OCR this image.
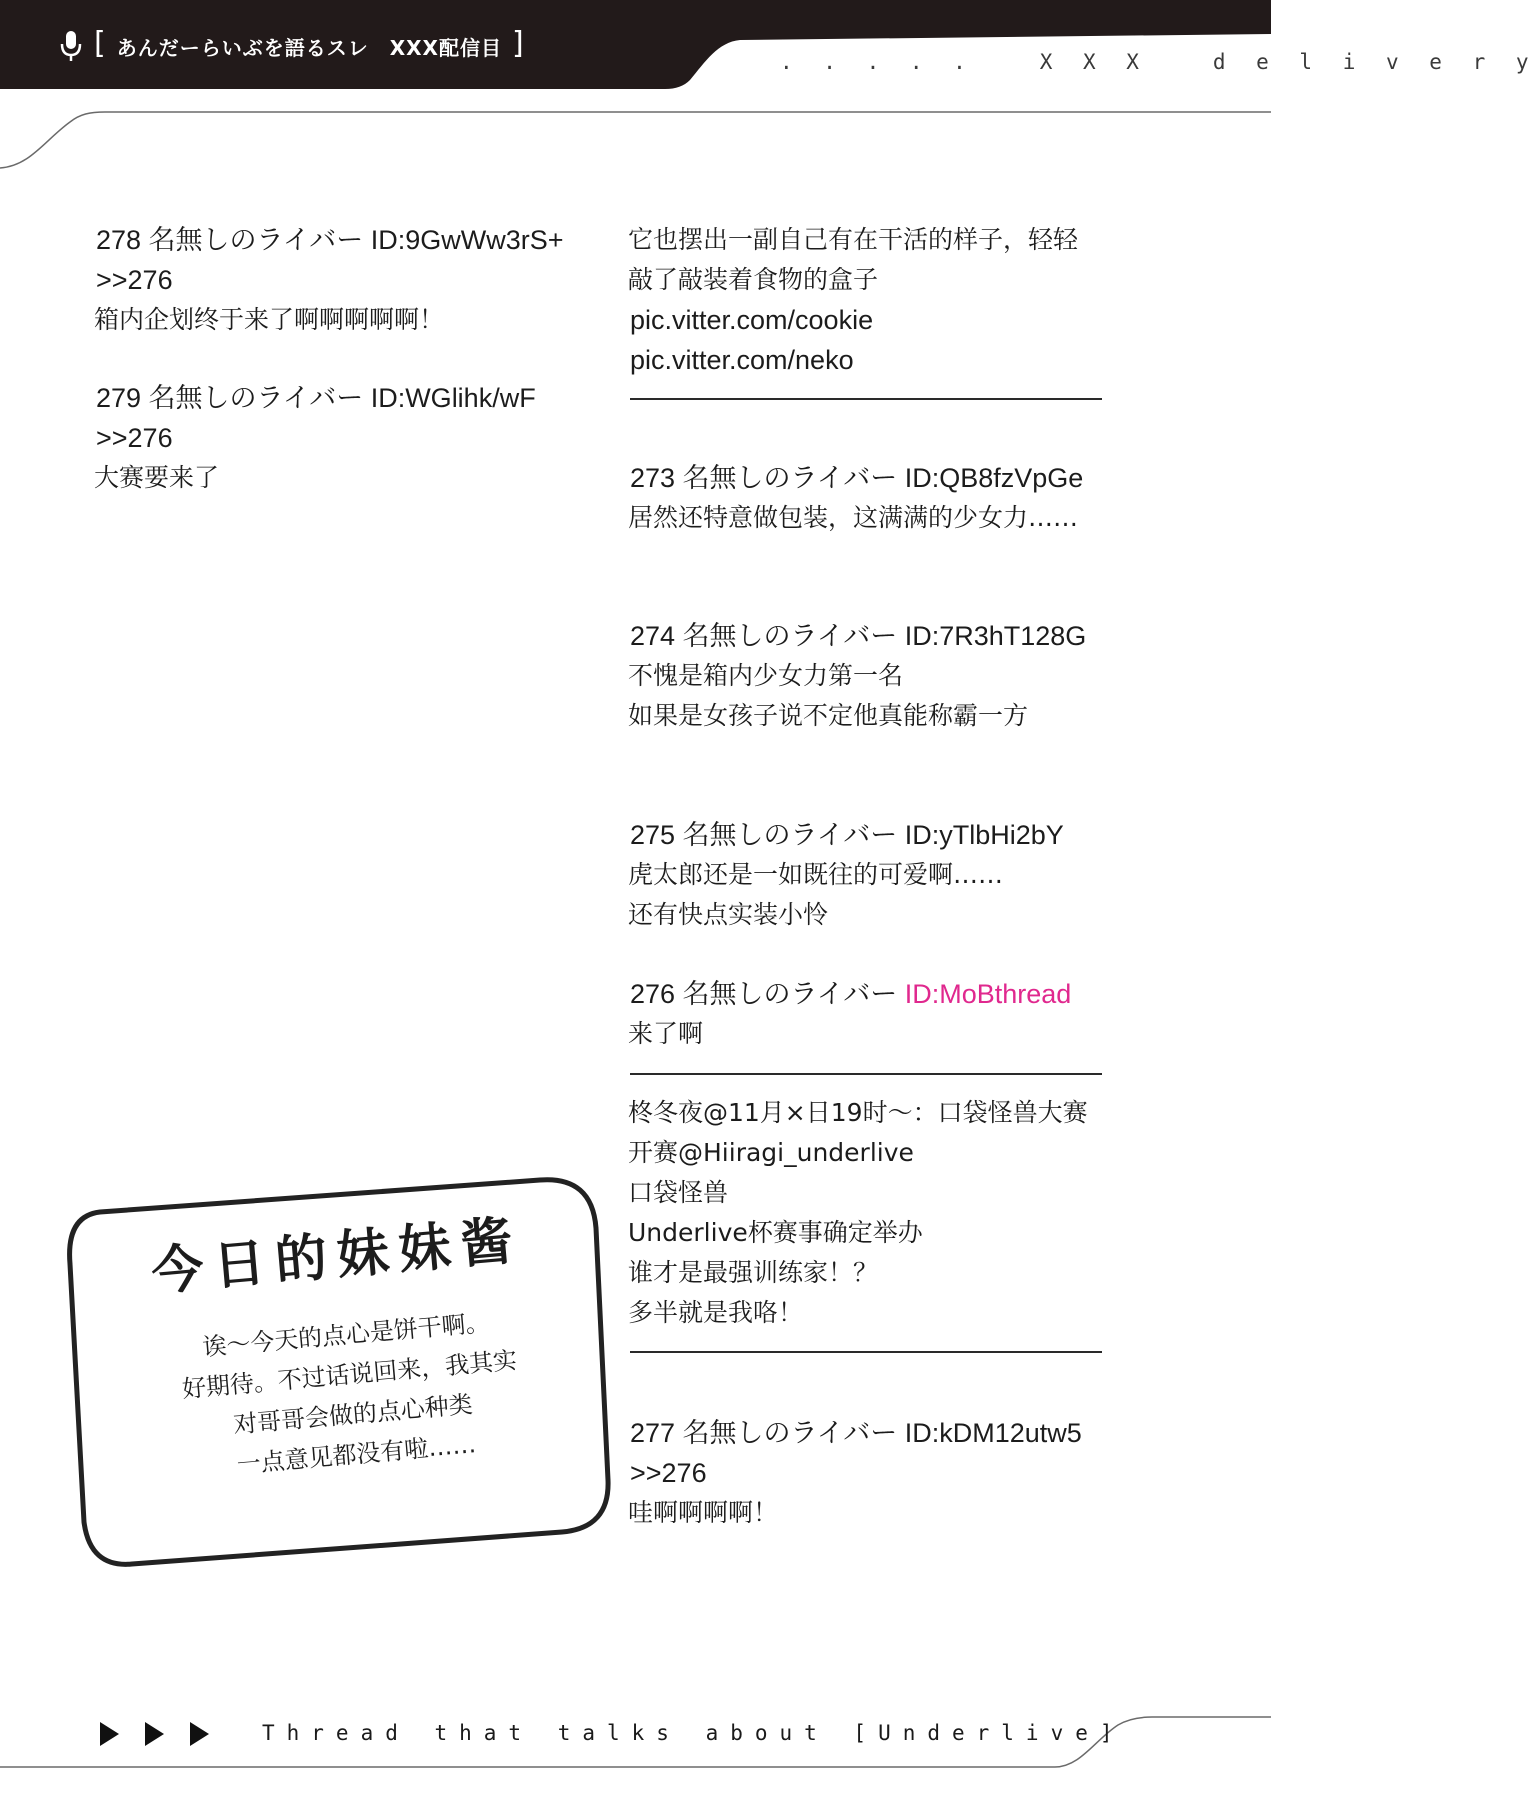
[ あんだーらいぶを語るスレ　XXX配信目 ]
. . . . .   X X X   d e l i v e r y
278 名無しのライバー ID:9GwWw3rS+
>>276
箱内企划终于来了啊啊啊啊啊！
279 名無しのライバー ID:WGlihk/wF
>>276
大赛要来了
它也摆出一副自己有在干活的样子，轻轻
敲了敲装着食物的盒子
pic.vitter.com/cookie
pic.vitter.com/neko
273 名無しのライバー ID:QB8fzVpGe
居然还特意做包装，这满满的少女力……
274 名無しのライバー ID:7R3hT128G
不愧是箱内少女力第一名
如果是女孩子说不定他真能称霸一方
275 名無しのライバー ID:yTlbHi2bY
虎太郎还是一如既往的可爱啊……
还有快点实装小怜
276 名無しのライバー ID:MoBthread
来了啊
柊冬夜@11月×日19时～：口袋怪兽大赛
开赛@Hiiragi_underlive
口袋怪兽
Underlive杯赛事确定举办
谁才是最强训练家！？
多半就是我咯！
277 名無しのライバー ID:kDM12utw5
>>276
哇啊啊啊啊！
今日的妹妹酱
诶～今天的点心是饼干啊。
好期待。不过话说回来，我其实
对哥哥会做的点心种类
一点意见都没有啦……
Thread that talks about [Underlive]
